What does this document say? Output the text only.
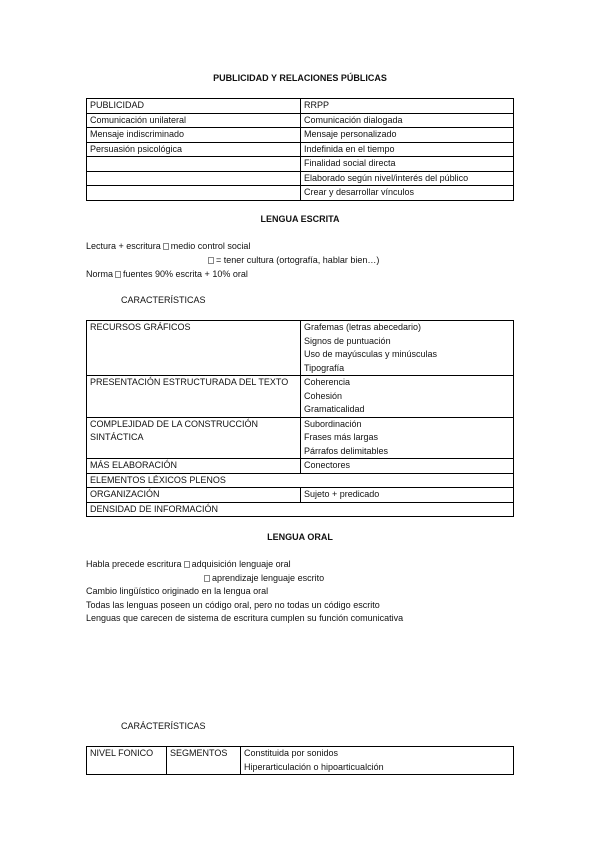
PUBLICIDAD Y RELACIONES PÚBLICAS
PUBLICIDAD	RRPP
Comunicación unilateral	Comunicación dialogada
Mensaje indiscriminado	Mensaje personalizado
Persuasión psicológica	Indefinida en el tiempo
	Finalidad social directa
	Elaborado según nivel/interés del público
	Crear y desarrollar vínculos
LENGUA ESCRITA
Lectura + escritura medio control social
= tener cultura (ortografía, hablar bien…)
Norma fuentes 90% escrita + 10% oral
CARACTERÍSTICAS
RECURSOS GRÁFICOS	Grafemas (letras abecedario)
Signos de puntuación
Uso de mayúsculas y minúsculas
Tipografía

PRESENTACIÓN ESTRUCTURADA DEL TEXTO	Coherencia
Cohesión
Gramaticalidad

COMPLEJIDAD DE LA CONSTRUCCIÓN SINTÁCTICA	Subordinación
Frases más largas
Párrafos delimitables

MÁS ELABORACIÓN	Conectores
ELEMENTOS LÉXICOS PLENOS	
ORGANIZACIÓN	Sujeto + predicado
DENSIDAD DE INFORMACIÓN	
LENGUA ORAL
Habla precede escritura adquisición lenguaje oral
aprendizaje lenguaje escrito
Cambio lingüístico originado en la lengua oral
Todas las lenguas poseen un código oral, pero no todas un código escrito
Lenguas que carecen de sistema de escritura cumplen su función comunicativa
CARÁCTERÍSTICAS
NIVEL FONICO	SEGMENTOS	Constituida por sonidos
Hiperarticulación o hipoarticualción
